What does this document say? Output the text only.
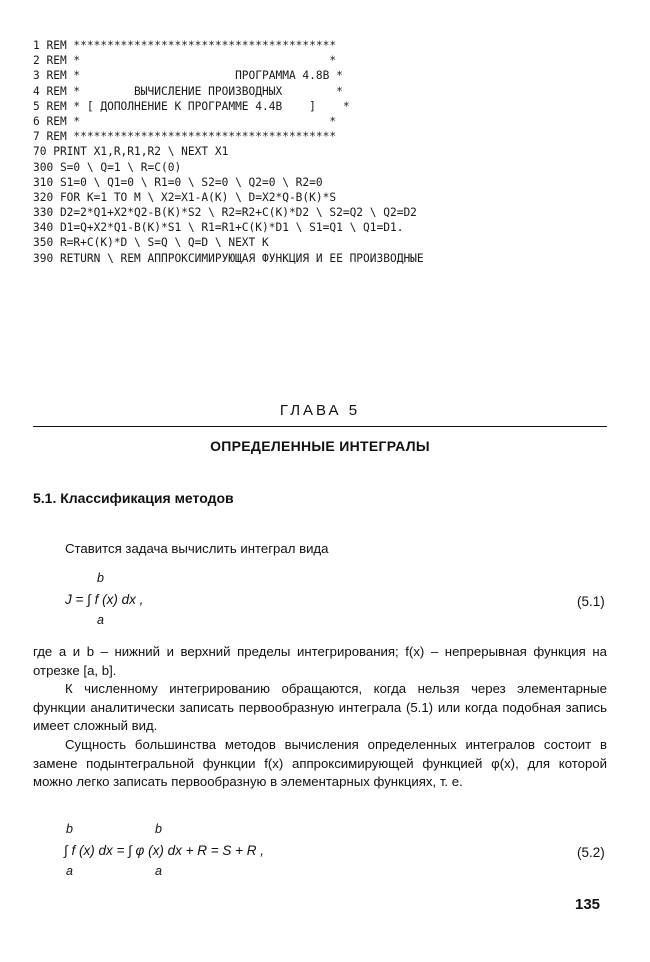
1 REM ***************************************
2 REM *                                     *
3 REM *                       ПРОГРАММА 4.8B *
4 REM *        ВЫЧИСЛЕНИЕ ПРОИЗВОДНЫХ        *
5 REM * [ ДОПОЛНЕНИЕ К ПРОГРАММЕ 4.4B    ]    *
6 REM *                                     *
7 REM ***************************************
70 PRINT X1,R,R1,R2 \ NEXT X1
300 S=0 \ Q=1 \ R=C(0)
310 S1=0 \ Q1=0 \ R1=0 \ S2=0 \ Q2=0 \ R2=0
320 FOR K=1 TO M \ X2=X1-A(K) \ D=X2*Q-B(K)*S
330 D2=2*Q1+X2*Q2-B(K)*S2 \ R2=R2+C(K)*D2 \ S2=Q2 \ Q2=D2
340 D1=Q+X2*Q1-B(K)*S1 \ R1=R1+C(K)*D1 \ S1=Q1 \ Q1=D1.
350 R=R+C(K)*D \ S=Q \ Q=D \ NEXT K
390 RETURN \ REM АППРОКСИМИРУЮЩАЯ ФУНКЦИЯ И ЕЕ ПРОИЗВОДНЫЕ
ГЛАВА 5
ОПРЕДЕЛЕННЫЕ ИНТЕГРАЛЫ
5.1. Классификация методов

Ставится задача вычислить интеграл вида

b
J = ∫ f (x) dx ,
a
(5.1)

где a и b – нижний и верхний пределы интегрирования; f(x) – непрерывная функция на отрезке [a, b].

К численному интегрированию обращаются, когда нельзя через элементарные функции аналитически записать первообразную интеграла (5.1) или когда подобная запись имеет сложный вид.

Сущность большинства методов вычисления определенных интегралов состоит в замене подынтегральной функции f(x) аппроксимирующей функцией φ(x), для которой можно легко записать первообразную в элементарных функциях, т. е.

b	b
∫ f (x) dx = ∫ φ (x) dx + R = S + R ,
a	a
(5.2)
135
